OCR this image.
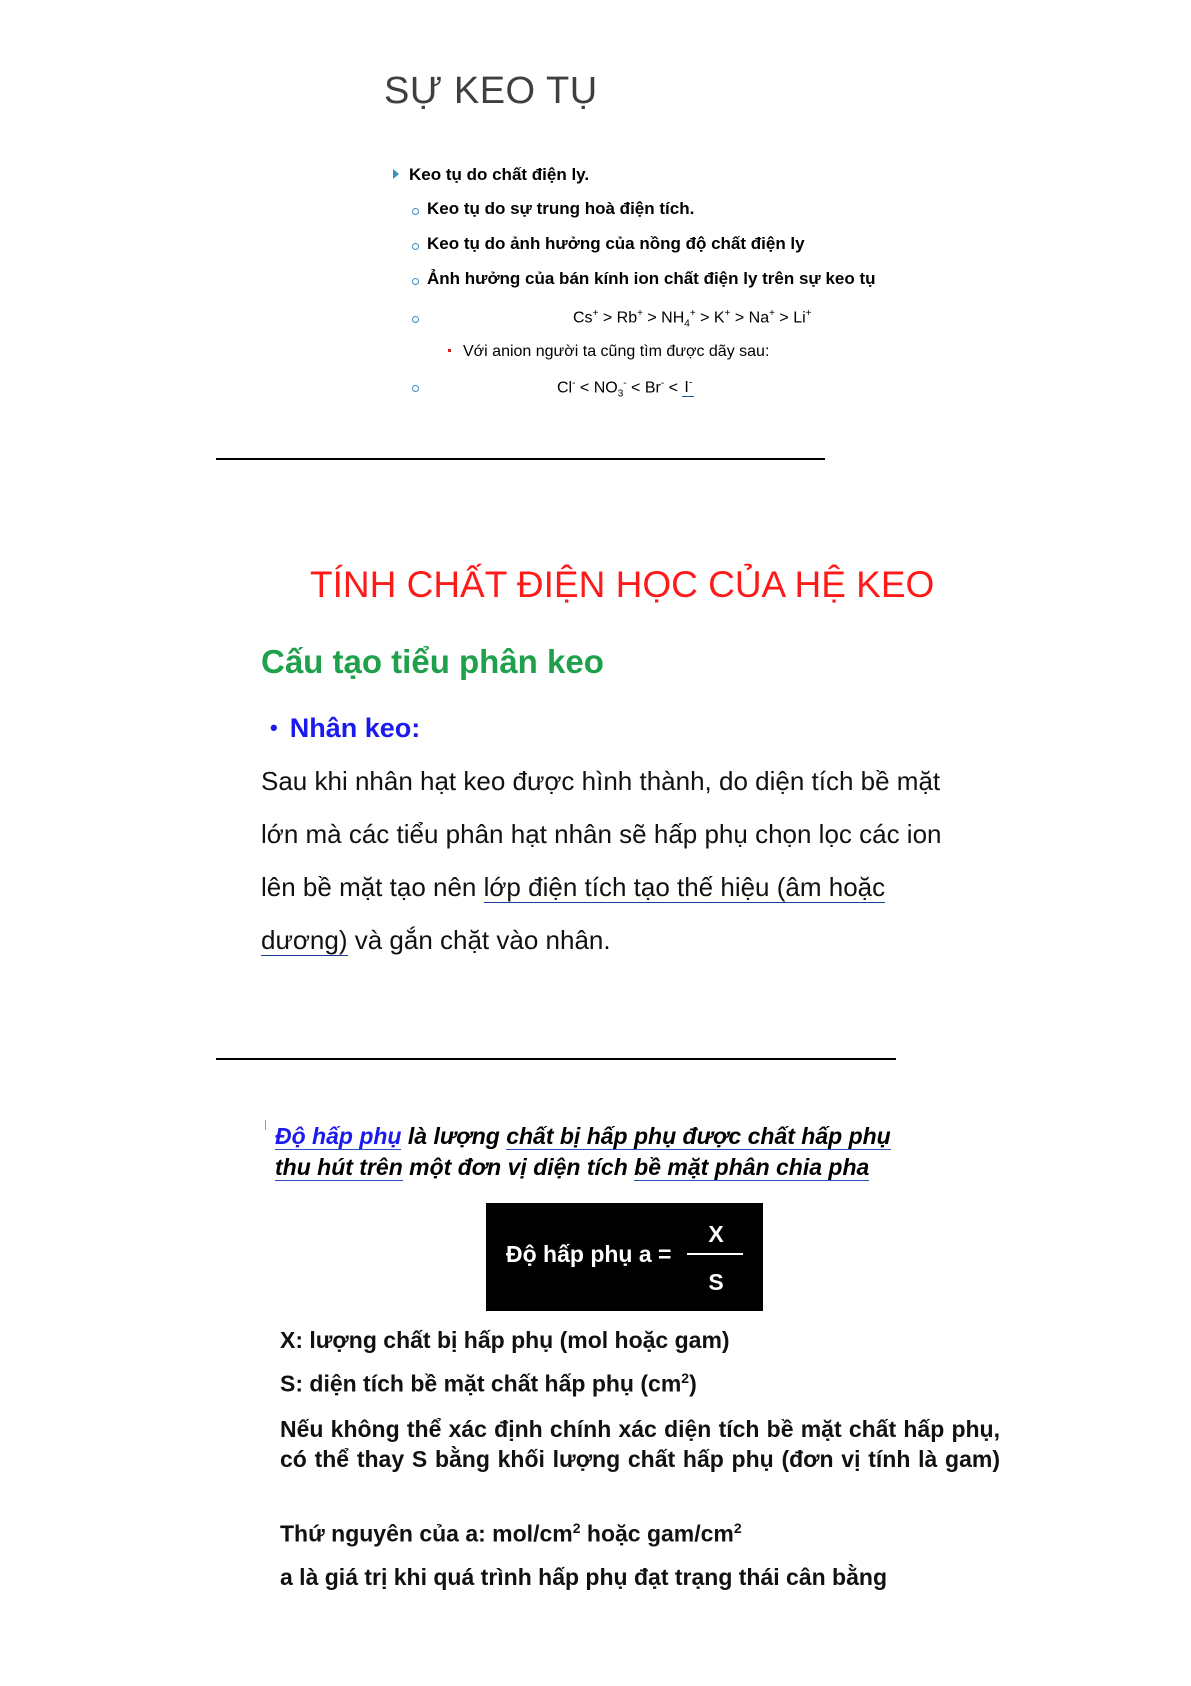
SỰ KEO TỤ
Keo tụ do chất điện ly.
Keo tụ do sự trung hoà điện tích.
Keo tụ do ảnh hưởng của nồng độ chất điện ly
Ảnh hưởng của bán kính ion chất điện ly trên sự keo tụ
$Cs^+ > Rb^+ > NH_4^+ > K^+ > Na^+ > Li^+$
Với anion người ta cũng tìm được dãy sau:
$Cl^- < NO_3^- < Br^- < I^-$
TÍNH CHẤT ĐIỆN HỌC CỦA HỆ KEO
Cấu tạo tiểu phân keo
• Nhân keo:
Sau khi nhân hạt keo được hình thành, do diện tích bề mặt
lớn mà các tiểu phân hạt nhân sẽ hấp phụ chọn lọc các ion
lên bề mặt tạo nên lớp điện tích tạo thế hiệu (âm hoặc
dương) và gắn chặt vào nhân.
Độ hấp phụ là lượng chất bị hấp phụ được chất hấp phụ
thu hút trên một đơn vị diện tích bề mặt phân chia pha
Độ hấp phụ a =
X
S
X: lượng chất bị hấp phụ (mol hoặc gam)
S: diện tích bề mặt chất hấp phụ $(cm^2)$
Nếu không thể xác định chính xác diện tích bề mặt chất hấp phụ, có thể thay S bằng khối lượng chất hấp phụ (đơn vị tính là gam)
Thứ nguyên của a: mol/$cm^2$ hoặc gam/$cm^2$
a là giá trị khi quá trình hấp phụ đạt trạng thái cân bằng
